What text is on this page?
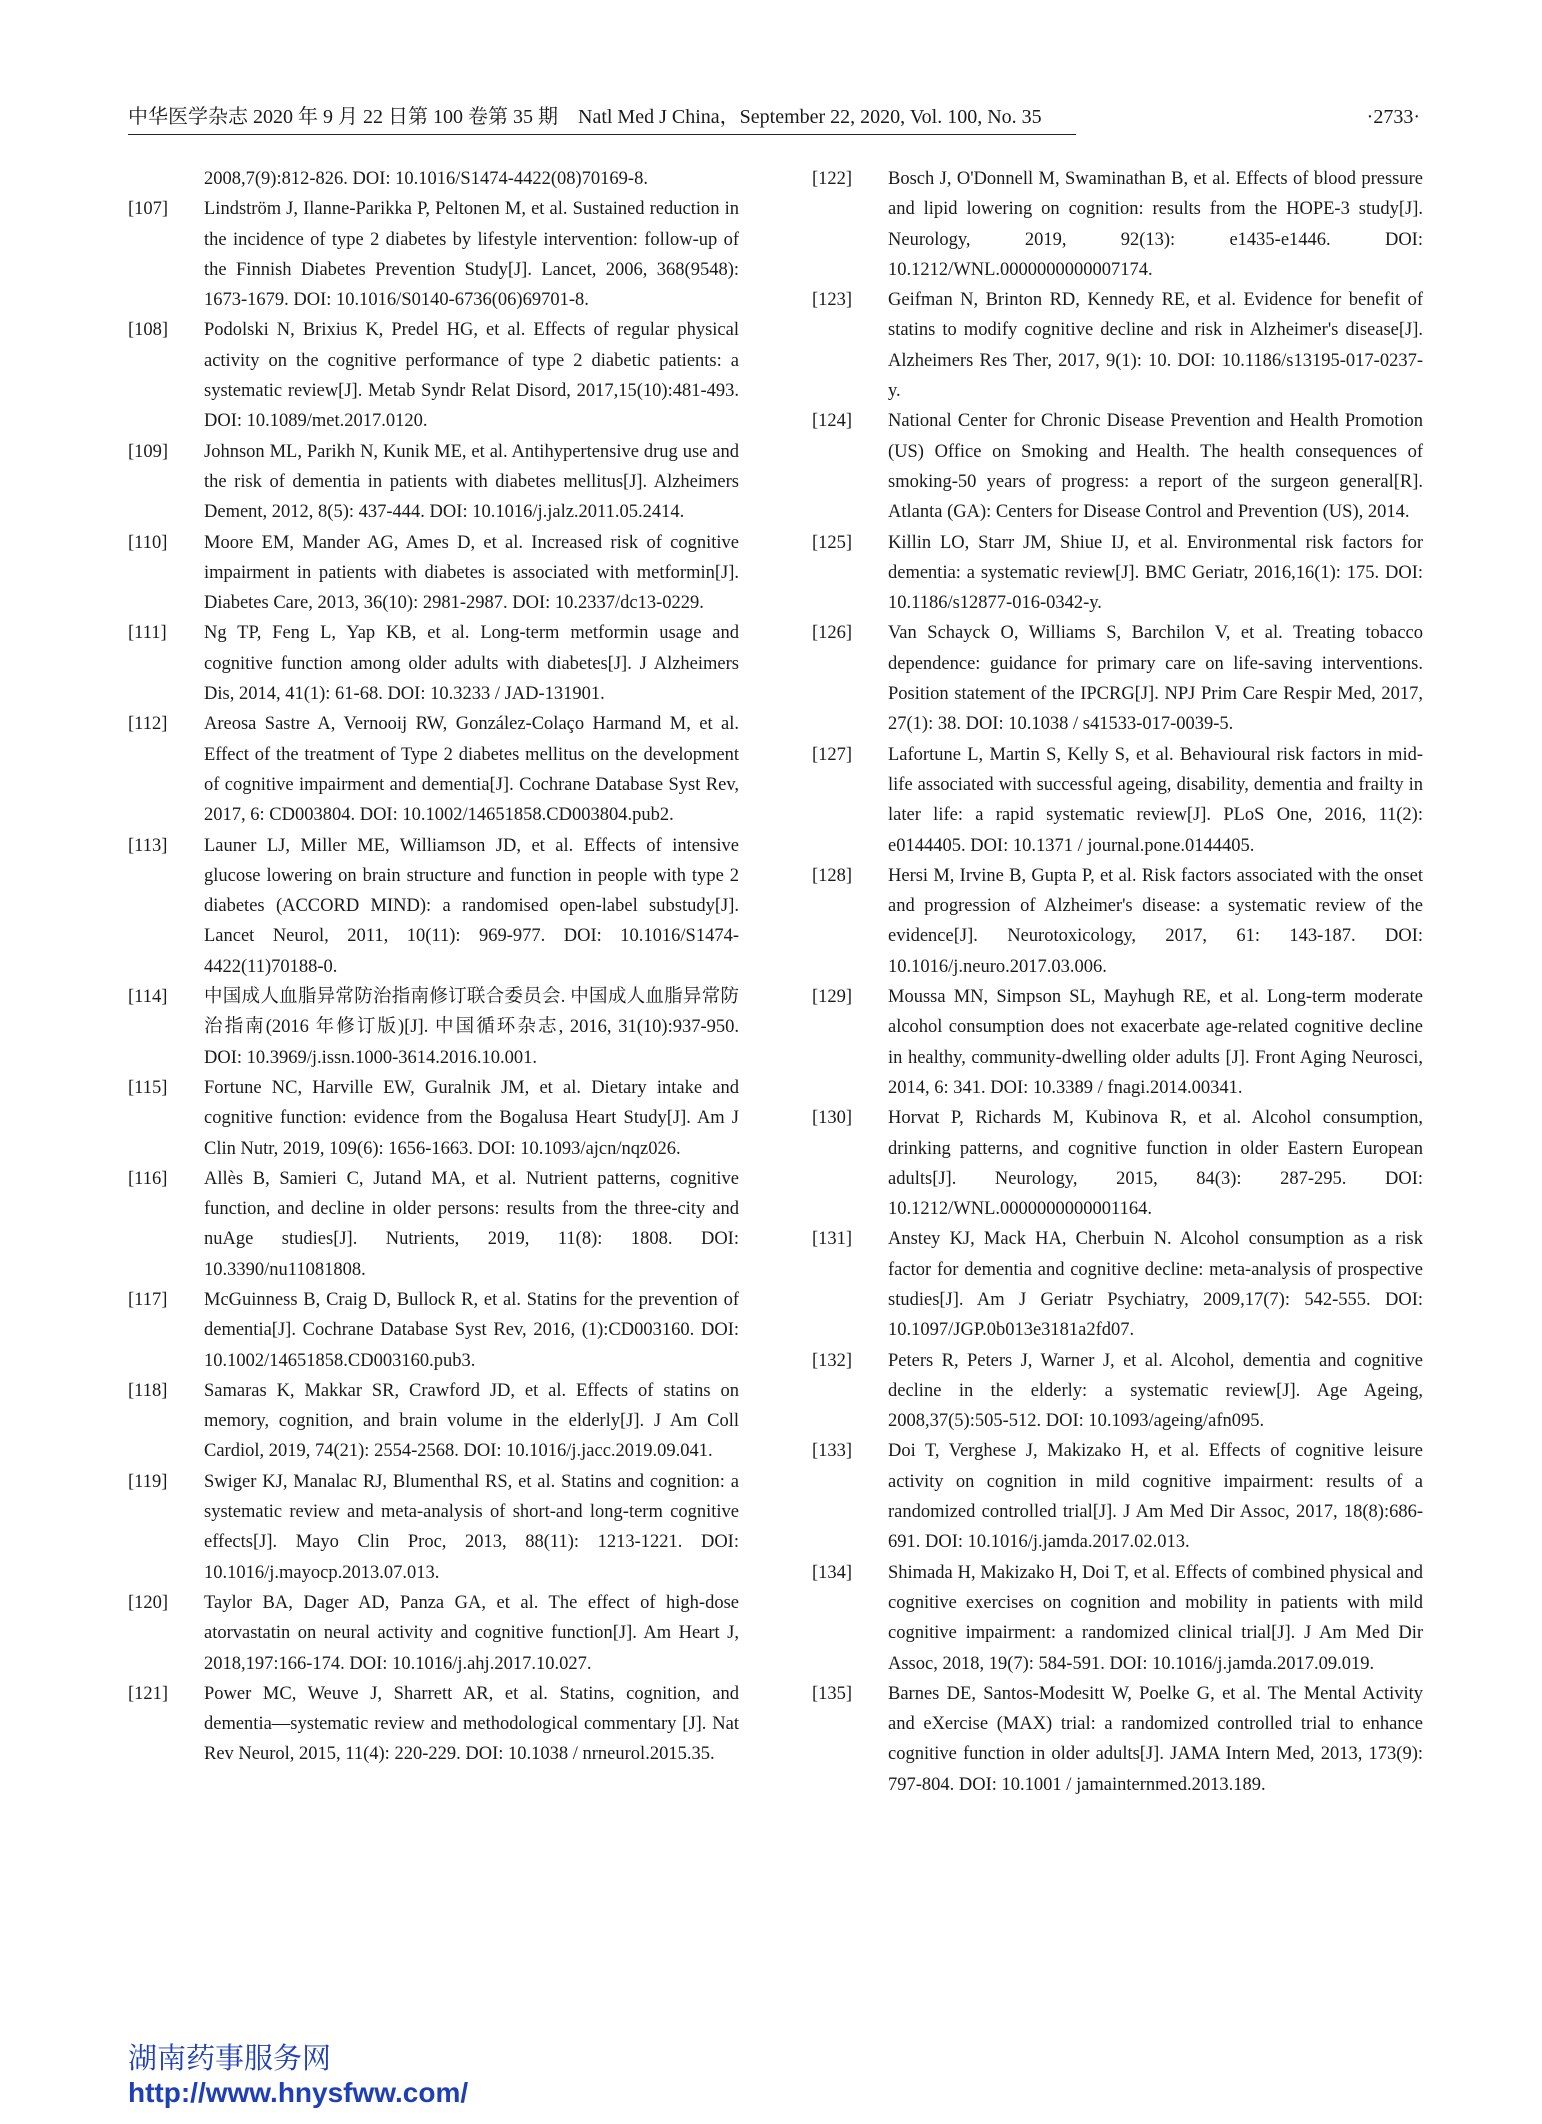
中华医学杂志 2020 年 9 月 22 日第 100 卷第 35 期　Natl Med J China，September 22, 2020, Vol. 100, No. 35	·2733·
2008,7(9):812-826. DOI: 10.1016/S1474-4422(08)70169-8.
[107] Lindström J, Ilanne-Parikka P, Peltonen M, et al. Sustained reduction in the incidence of type 2 diabetes by lifestyle intervention: follow-up of the Finnish Diabetes Prevention Study[J]. Lancet, 2006, 368(9548): 1673-1679. DOI: 10.1016/S0140-6736(06)69701-8.
[108] Podolski N, Brixius K, Predel HG, et al. Effects of regular physical activity on the cognitive performance of type 2 diabetic patients: a systematic review[J]. Metab Syndr Relat Disord, 2017,15(10):481-493. DOI: 10.1089/met.2017.0120.
[109] Johnson ML, Parikh N, Kunik ME, et al. Antihypertensive drug use and the risk of dementia in patients with diabetes mellitus[J]. Alzheimers Dement, 2012, 8(5): 437-444. DOI: 10.1016/j.jalz.2011.05.2414.
[110] Moore EM, Mander AG, Ames D, et al. Increased risk of cognitive impairment in patients with diabetes is associated with metformin[J]. Diabetes Care, 2013, 36(10): 2981-2987. DOI: 10.2337/dc13-0229.
[111] Ng TP, Feng L, Yap KB, et al. Long-term metformin usage and cognitive function among older adults with diabetes[J]. J Alzheimers Dis, 2014, 41(1): 61-68. DOI: 10.3233 / JAD-131901.
[112] Areosa Sastre A, Vernooij RW, González-Colaço Harmand M, et al. Effect of the treatment of Type 2 diabetes mellitus on the development of cognitive impairment and dementia[J]. Cochrane Database Syst Rev, 2017, 6: CD003804. DOI: 10.1002/14651858.CD003804.pub2.
[113] Launer LJ, Miller ME, Williamson JD, et al. Effects of intensive glucose lowering on brain structure and function in people with type 2 diabetes (ACCORD MIND): a randomised open-label substudy[J]. Lancet Neurol, 2011, 10(11): 969-977. DOI: 10.1016/S1474-4422(11)70188-0.
[114] 中国成人血脂异常防治指南修订联合委员会. 中国成人血脂异常防治指南(2016 年修订版)[J]. 中国循环杂志, 2016, 31(10):937-950. DOI: 10.3969/j.issn.1000-3614.2016.10.001.
[115] Fortune NC, Harville EW, Guralnik JM, et al. Dietary intake and cognitive function: evidence from the Bogalusa Heart Study[J]. Am J Clin Nutr, 2019, 109(6): 1656-1663. DOI: 10.1093/ajcn/nqz026.
[116] Allès B, Samieri C, Jutand MA, et al. Nutrient patterns, cognitive function, and decline in older persons: results from the three-city and nuAge studies[J]. Nutrients, 2019, 11(8): 1808. DOI: 10.3390/nu11081808.
[117] McGuinness B, Craig D, Bullock R, et al. Statins for the prevention of dementia[J]. Cochrane Database Syst Rev, 2016, (1):CD003160. DOI: 10.1002/14651858.CD003160.pub3.
[118] Samaras K, Makkar SR, Crawford JD, et al. Effects of statins on memory, cognition, and brain volume in the elderly[J]. J Am Coll Cardiol, 2019, 74(21): 2554-2568. DOI: 10.1016/j.jacc.2019.09.041.
[119] Swiger KJ, Manalac RJ, Blumenthal RS, et al. Statins and cognition: a systematic review and meta-analysis of short-and long-term cognitive effects[J]. Mayo Clin Proc, 2013, 88(11): 1213-1221. DOI: 10.1016/j.mayocp.2013.07.013.
[120] Taylor BA, Dager AD, Panza GA, et al. The effect of high-dose atorvastatin on neural activity and cognitive function[J]. Am Heart J, 2018,197:166-174. DOI: 10.1016/j.ahj.2017.10.027.
[121] Power MC, Weuve J, Sharrett AR, et al. Statins, cognition, and dementia—systematic review and methodological commentary [J]. Nat Rev Neurol, 2015, 11(4): 220-229. DOI: 10.1038 / nrneurol.2015.35.
[122] Bosch J, O'Donnell M, Swaminathan B, et al. Effects of blood pressure and lipid lowering on cognition: results from the HOPE-3 study[J]. Neurology, 2019, 92(13): e1435-e1446. DOI: 10.1212/WNL.0000000000007174.
[123] Geifman N, Brinton RD, Kennedy RE, et al. Evidence for benefit of statins to modify cognitive decline and risk in Alzheimer's disease[J]. Alzheimers Res Ther, 2017, 9(1): 10. DOI: 10.1186/s13195-017-0237-y.
[124] National Center for Chronic Disease Prevention and Health Promotion (US) Office on Smoking and Health. The health consequences of smoking-50 years of progress: a report of the surgeon general[R]. Atlanta (GA): Centers for Disease Control and Prevention (US), 2014.
[125] Killin LO, Starr JM, Shiue IJ, et al. Environmental risk factors for dementia: a systematic review[J]. BMC Geriatr, 2016,16(1): 175. DOI: 10.1186/s12877-016-0342-y.
[126] Van Schayck O, Williams S, Barchilon V, et al. Treating tobacco dependence: guidance for primary care on life-saving interventions. Position statement of the IPCRG[J]. NPJ Prim Care Respir Med, 2017, 27(1): 38. DOI: 10.1038 / s41533-017-0039-5.
[127] Lafortune L, Martin S, Kelly S, et al. Behavioural risk factors in mid-life associated with successful ageing, disability, dementia and frailty in later life: a rapid systematic review[J]. PLoS One, 2016, 11(2): e0144405. DOI: 10.1371 / journal.pone.0144405.
[128] Hersi M, Irvine B, Gupta P, et al. Risk factors associated with the onset and progression of Alzheimer's disease: a systematic review of the evidence[J]. Neurotoxicology, 2017, 61: 143-187. DOI: 10.1016/j.neuro.2017.03.006.
[129] Moussa MN, Simpson SL, Mayhugh RE, et al. Long-term moderate alcohol consumption does not exacerbate age-related cognitive decline in healthy, community-dwelling older adults [J]. Front Aging Neurosci, 2014, 6: 341. DOI: 10.3389 / fnagi.2014.00341.
[130] Horvat P, Richards M, Kubinova R, et al. Alcohol consumption, drinking patterns, and cognitive function in older Eastern European adults[J]. Neurology, 2015, 84(3): 287-295. DOI: 10.1212/WNL.0000000000001164.
[131] Anstey KJ, Mack HA, Cherbuin N. Alcohol consumption as a risk factor for dementia and cognitive decline: meta-analysis of prospective studies[J]. Am J Geriatr Psychiatry, 2009,17(7): 542-555. DOI: 10.1097/JGP.0b013e3181a2fd07.
[132] Peters R, Peters J, Warner J, et al. Alcohol, dementia and cognitive decline in the elderly: a systematic review[J]. Age Ageing, 2008,37(5):505-512. DOI: 10.1093/ageing/afn095.
[133] Doi T, Verghese J, Makizako H, et al. Effects of cognitive leisure activity on cognition in mild cognitive impairment: results of a randomized controlled trial[J]. J Am Med Dir Assoc, 2017, 18(8):686-691. DOI: 10.1016/j.jamda.2017.02.013.
[134] Shimada H, Makizako H, Doi T, et al. Effects of combined physical and cognitive exercises on cognition and mobility in patients with mild cognitive impairment: a randomized clinical trial[J]. J Am Med Dir Assoc, 2018, 19(7): 584-591. DOI: 10.1016/j.jamda.2017.09.019.
[135] Barnes DE, Santos-Modesitt W, Poelke G, et al. The Mental Activity and eXercise (MAX) trial: a randomized controlled trial to enhance cognitive function in older adults[J]. JAMA Intern Med, 2013, 173(9): 797-804. DOI: 10.1001 / jamainternmed.2013.189.
湖南药事服务网
http://www.hnysfww.com/
